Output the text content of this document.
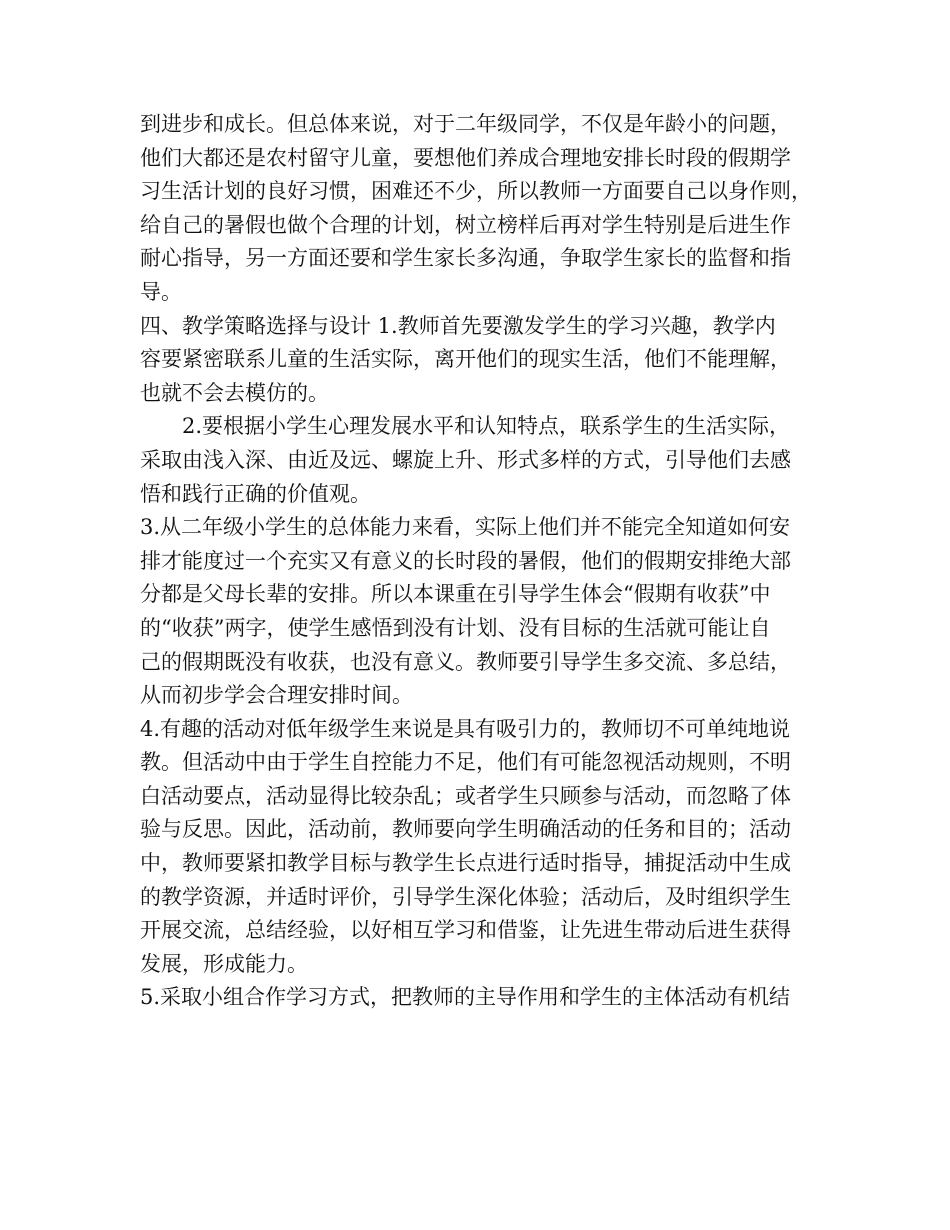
到进步和成长。但总体来说，对于二年级同学，不仅是年龄小的问题，
他们大都还是农村留守儿童，要想他们养成合理地安排长时段的假期学
习生活计划的良好习惯，困难还不少，所以教师一方面要自己以身作则，
给自己的暑假也做个合理的计划，树立榜样后再对学生特别是后进生作
耐心指导，另一方面还要和学生家长多沟通，争取学生家长的监督和指
导。
四、教学策略选择与设计 1.教师首先要激发学生的学习兴趣，教学内
容要紧密联系儿童的生活实际，离开他们的现实生活，他们不能理解，
也就不会去模仿的。
2.要根据小学生心理发展水平和认知特点，联系学生的生活实际，
采取由浅入深、由近及远、螺旋上升、形式多样的方式，引导他们去感
悟和践行正确的价值观。
3.从二年级小学生的总体能力来看，实际上他们并不能完全知道如何安
排才能度过一个充实又有意义的长时段的暑假，他们的假期安排绝大部
分都是父母长辈的安排。所以本课重在引导学生体会“假期有收获”中
的“收获”两字，使学生感悟到没有计划、没有目标的生活就可能让自
己的假期既没有收获，也没有意义。教师要引导学生多交流、多总结，
从而初步学会合理安排时间。
4.有趣的活动对低年级学生来说是具有吸引力的，教师切不可单纯地说
教。但活动中由于学生自控能力不足，他们有可能忽视活动规则，不明
白活动要点，活动显得比较杂乱；或者学生只顾参与活动，而忽略了体
验与反思。因此，活动前，教师要向学生明确活动的任务和目的；活动
中，教师要紧扣教学目标与教学生长点进行适时指导，捕捉活动中生成
的教学资源，并适时评价，引导学生深化体验；活动后，及时组织学生
开展交流，总结经验，以好相互学习和借鉴，让先进生带动后进生获得
发展，形成能力。
5.采取小组合作学习方式，把教师的主导作用和学生的主体活动有机结
